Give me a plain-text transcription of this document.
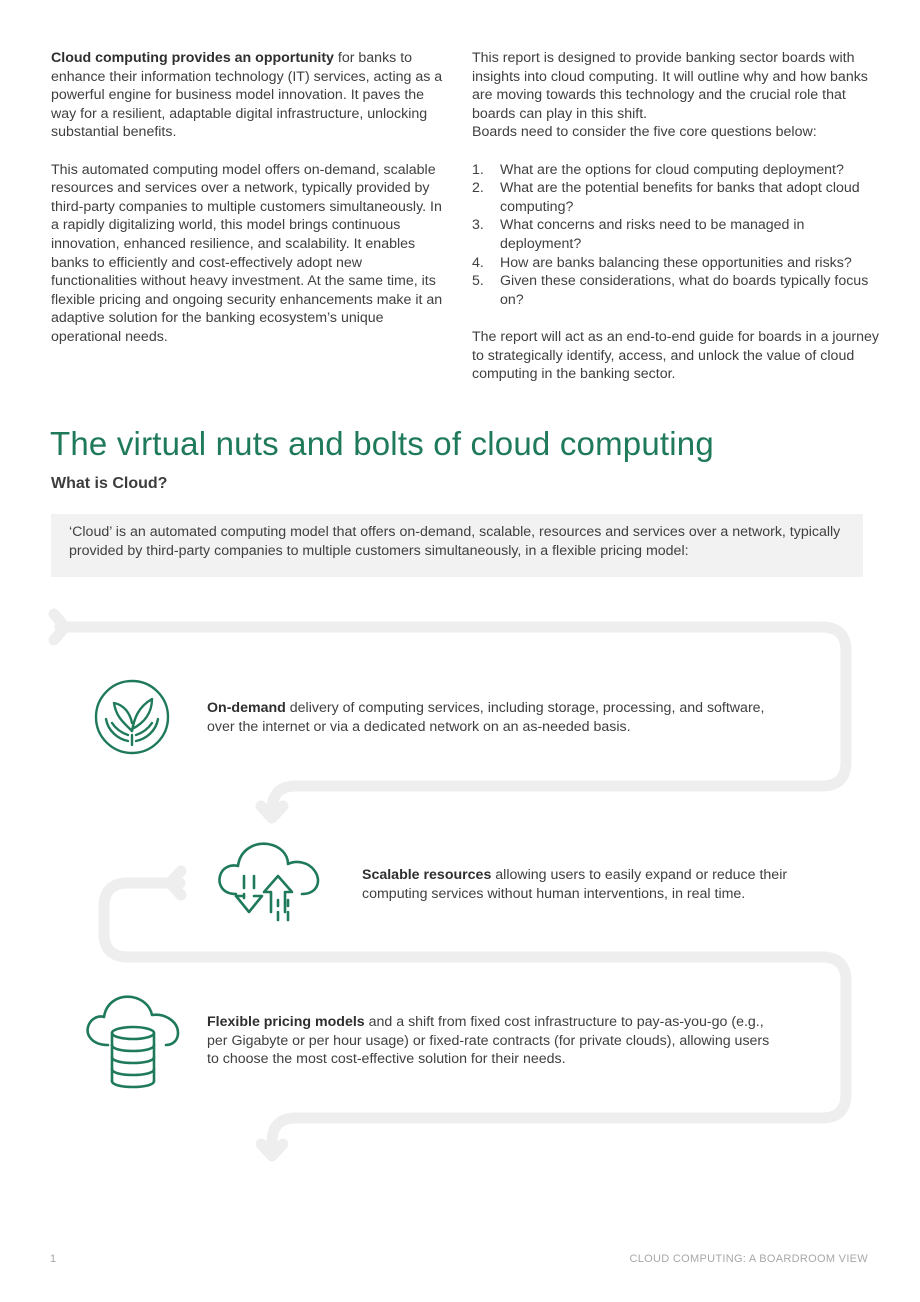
Cloud computing provides an opportunity for banks to enhance their information technology (IT) services, acting as a powerful engine for business model innovation. It paves the way for a resilient, adaptable digital infrastructure, unlocking substantial benefits.

This automated computing model offers on-demand, scalable resources and services over a network, typically provided by third-party companies to multiple customers simultaneously. In a rapidly digitalizing world, this model brings continuous innovation, enhanced resilience, and scalability. It enables banks to efficiently and cost-effectively adopt new functionalities without heavy investment. At the same time, its flexible pricing and ongoing security enhancements make it an adaptive solution for the banking ecosystem’s unique operational needs.

This report is designed to provide banking sector boards with insights into cloud computing. It will outline why and how banks are moving towards this technology and the crucial role that boards can play in this shift.

Boards need to consider the five core questions below:

1. What are the options for cloud computing deployment?
2. What are the potential benefits for banks that adopt cloud computing?
3. What concerns and risks need to be managed in deployment?
4. How are banks balancing these opportunities and risks?
5. Given these considerations, what do boards typically focus on?

The report will act as an end-to-end guide for boards in a journey to strategically identify, access, and unlock the value of cloud computing in the banking sector.

The virtual nuts and bolts of cloud computing
What is Cloud?
‘Cloud’ is an automated computing model that offers on-demand, scalable, resources and services over a network, typically provided by third-party companies to multiple customers simultaneously, in a flexible pricing model:
On-demand delivery of computing services, including storage, processing, and software, over the internet or via a dedicated network on an as-needed basis.
Scalable resources allowing users to easily expand or reduce their computing services without human interventions, in real time.
Flexible pricing models and a shift from fixed cost infrastructure to pay-as-you-go (e.g., per Gigabyte or per hour usage) or fixed-rate contracts (for private clouds), allowing users to choose the most cost-effective solution for their needs.
1	CLOUD COMPUTING: A BOARDROOM VIEW
